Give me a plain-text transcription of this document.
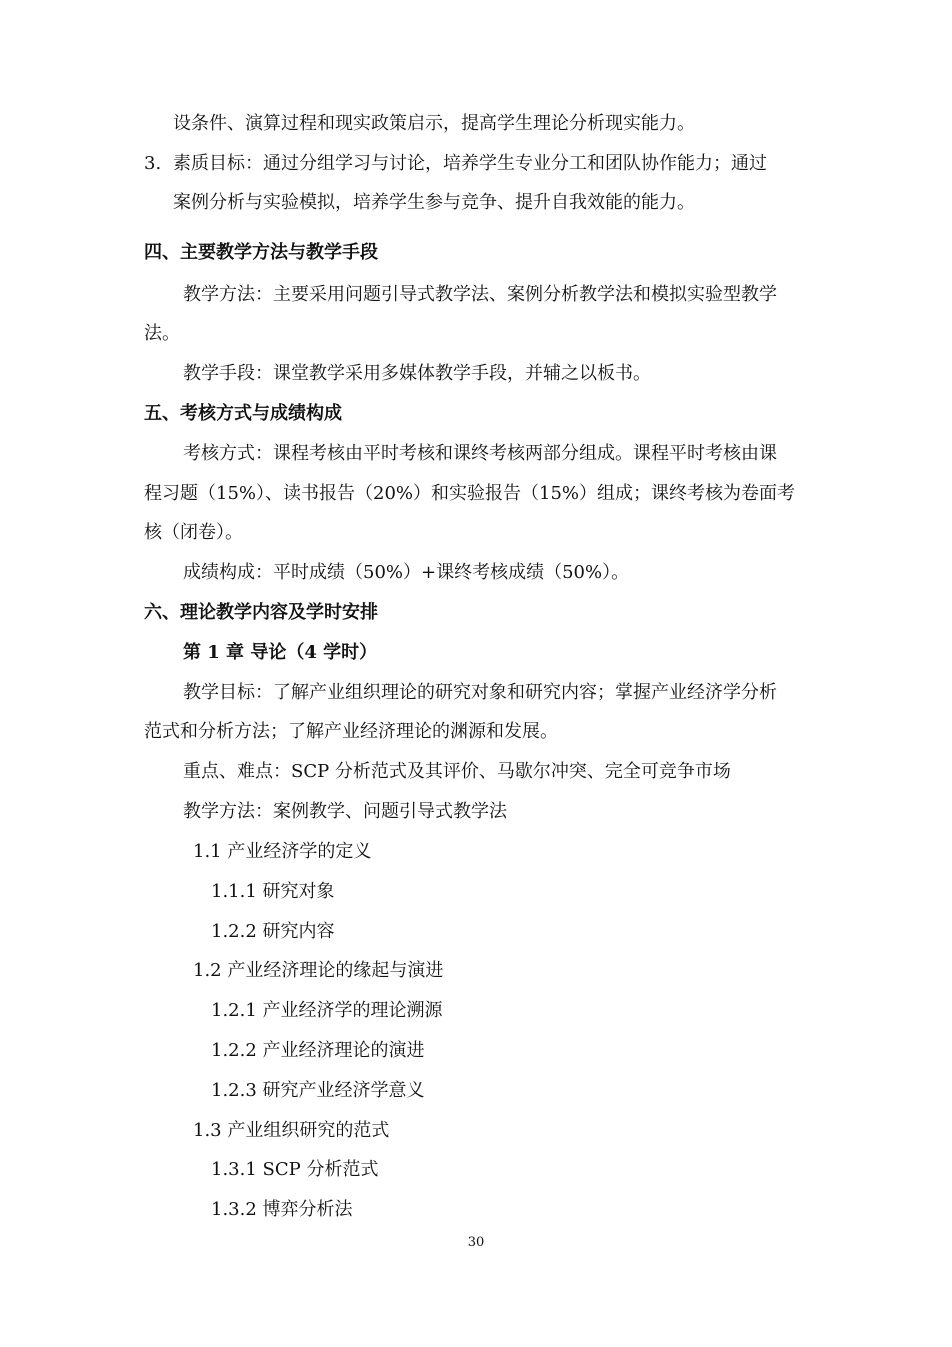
设条件、演算过程和现实政策启示，提高学生理论分析现实能力。
3. 素质目标：通过分组学习与讨论，培养学生专业分工和团队协作能力；通过
案例分析与实验模拟，培养学生参与竞争、提升自我效能的能力。
四、主要教学方法与教学手段
教学方法：主要采用问题引导式教学法、案例分析教学法和模拟实验型教学
法。
教学手段：课堂教学采用多媒体教学手段，并辅之以板书。
五、考核方式与成绩构成
考核方式：课程考核由平时考核和课终考核两部分组成。课程平时考核由课
程习题（15%）、读书报告（20%）和实验报告（15%）组成；课终考核为卷面考
核（闭卷）。
成绩构成：平时成绩（50%）+课终考核成绩（50%）。
六、理论教学内容及学时安排
第 1 章 导论（4 学时）
教学目标：了解产业组织理论的研究对象和研究内容；掌握产业经济学分析
范式和分析方法；了解产业经济理论的渊源和发展。
重点、难点：SCP 分析范式及其评价、马歇尔冲突、完全可竞争市场
教学方法：案例教学、问题引导式教学法
1.1 产业经济学的定义
1.1.1 研究对象
1.2.2 研究内容
1.2 产业经济理论的缘起与演进
1.2.1 产业经济学的理论溯源
1.2.2 产业经济理论的演进
1.2.3 研究产业经济学意义
1.3 产业组织研究的范式
1.3.1 SCP 分析范式
1.3.2 博弈分析法
30
